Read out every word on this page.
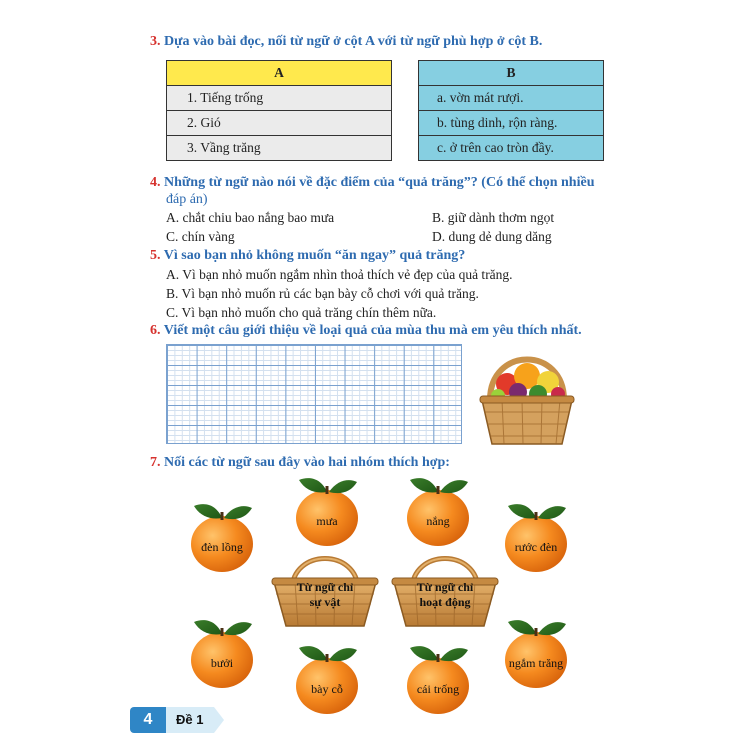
3. Dựa vào bài đọc, nối từ ngữ ở cột A với từ ngữ phù hợp ở cột B.
A
1. Tiếng trống
2. Gió
3. Vầng trăng
B
a. vờn mát rượi.
b. tùng dinh, rộn ràng.
c. ở trên cao tròn đầy.
4. Những từ ngữ nào nói về đặc điểm của “quả trăng”? (Có thể chọn nhiều
đáp án)
A. chắt chiu bao nắng bao mưa	B. giữ dành thơm ngọt
C. chín vàng	D. dung dẻ dung dăng
5. Vì sao bạn nhỏ không muốn “ăn ngay” quả trăng?
A. Vì bạn nhỏ muốn ngắm nhìn thoả thích vẻ đẹp của quả trăng.
B. Vì bạn nhỏ muốn rủ các bạn bày cỗ chơi với quả trăng.
C. Vì bạn nhỏ muốn cho quả trăng chín thêm nữa.
6. Viết một câu giới thiệu về loại quả của mùa thu mà em yêu thích nhất.
7. Nối các từ ngữ sau đây vào hai nhóm thích hợp:
mưa	nắng
đèn lồng	rước đèn
bưởi	ngắm trăng
bày cỗ	cái trống
Từ ngữ chỉ
sự vật
Từ ngữ chỉ
hoạt động
4	Đề 1
